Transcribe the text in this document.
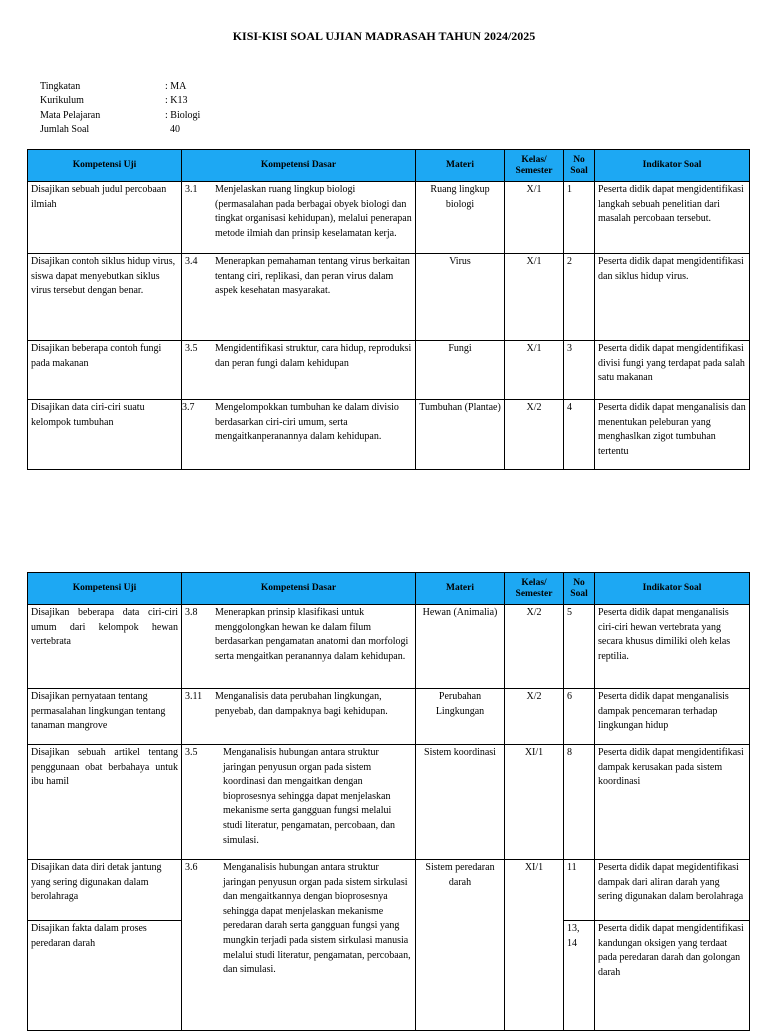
KISI-KISI SOAL UJIAN MADRASAH TAHUN 2024/2025
Tingkatan	: MA
Kurikulum	: K13
Mata Pelajaran	: Biologi
Jumlah Soal	40
Kompetensi Uji	Kompetensi Dasar	Materi	Kelas/ Semester	No Soal	Indikator Soal
Disajikan sebuah judul percobaan ilmiah	3.1 Menjelaskan ruang lingkup biologi (permasalahan pada berbagai obyek biologi dan tingkat organisasi kehidupan), melalui penerapan metode ilmiah dan prinsip keselamatan kerja.	Ruang lingkup biologi	X/1	1	Peserta didik dapat mengidentifikasi langkah sebuah penelitian dari masalah percobaan tersebut.
Disajikan contoh siklus hidup virus, siswa dapat menyebutkan siklus virus tersebut dengan benar.	3.4 Menerapkan pemahaman tentang virus berkaitan tentang ciri, replikasi, dan peran virus dalam aspek kesehatan masyarakat.	Virus	X/1	2	Peserta didik dapat mengidentifikasi dan siklus hidup virus.
Disajikan beberapa contoh fungi pada makanan	3.5 Mengidentifikasi struktur, cara hidup, reproduksi dan peran fungi dalam kehidupan	Fungi	X/1	3	Peserta didik dapat mengidentifikasi divisi fungi yang terdapat pada salah satu makanan
Disajikan data ciri-ciri suatu kelompok tumbuhan	3.7 Mengelompokkan tumbuhan ke dalam divisio berdasarkan ciri-ciri umum, serta mengaitkanperanannya dalam kehidupan.	Tumbuhan (Plantae)	X/2	4	Peserta didik dapat menganalisis dan menentukan peleburan yang menghaslkan zigot tumbuhan tertentu
Kompetensi Uji	Kompetensi Dasar	Materi	Kelas/ Semester	No Soal	Indikator Soal
Disajikan beberapa data ciri-ciri umum dari kelompok hewan vertebrata	3.8 Menerapkan prinsip klasifikasi untuk menggolongkan hewan ke dalam filum berdasarkan pengamatan anatomi dan morfologi serta mengaitkan peranannya dalam kehidupan.	Hewan (Animalia)	X/2	5	Peserta didik dapat menganalisis ciri-ciri hewan vertebrata yang secara khusus dimiliki oleh kelas reptilia.
Disajikan pernyataan tentang permasalahan lingkungan tentang tanaman mangrove	3.11 Menganalisis data perubahan lingkungan, penyebab, dan dampaknya bagi kehidupan.	Perubahan Lingkungan	X/2	6	Peserta didik dapat menganalisis dampak pencemaran terhadap lingkungan hidup
Disajikan sebuah artikel tentang penggunaan obat berbahaya untuk ibu hamil	3.5 Menganalisis hubungan antara struktur jaringan penyusun organ pada sistem koordinasi dan mengaitkan dengan bioprosesnya sehingga dapat menjelaskan mekanisme serta gangguan fungsi melalui studi literatur, pengamatan, percobaan, dan simulasi.	Sistem koordinasi	XI/1	8	Peserta didik dapat mengidentifikasi dampak kerusakan pada sistem koordinasi
Disajikan data diri detak jantung yang sering digunakan dalam berolahraga	3.6 Menganalisis hubungan antara struktur jaringan penyusun organ pada sistem sirkulasi dan mengaitkannya dengan bioprosesnya sehingga dapat menjelaskan mekanisme peredaran darah serta gangguan fungsi yang mungkin terjadi pada sistem sirkulasi manusia melalui studi literatur, pengamatan, percobaan, dan simulasi.	Sistem peredaran darah	XI/1	11	Peserta didik dapat megidentifikasi dampak dari aliran darah yang sering digunakan dalam berolahraga
Disajikan fakta dalam proses peredaran darah				13, 14	Peserta didik dapat mengidentifikasi kandungan oksigen yang terdaat pada peredaran darah dan golongan darah
